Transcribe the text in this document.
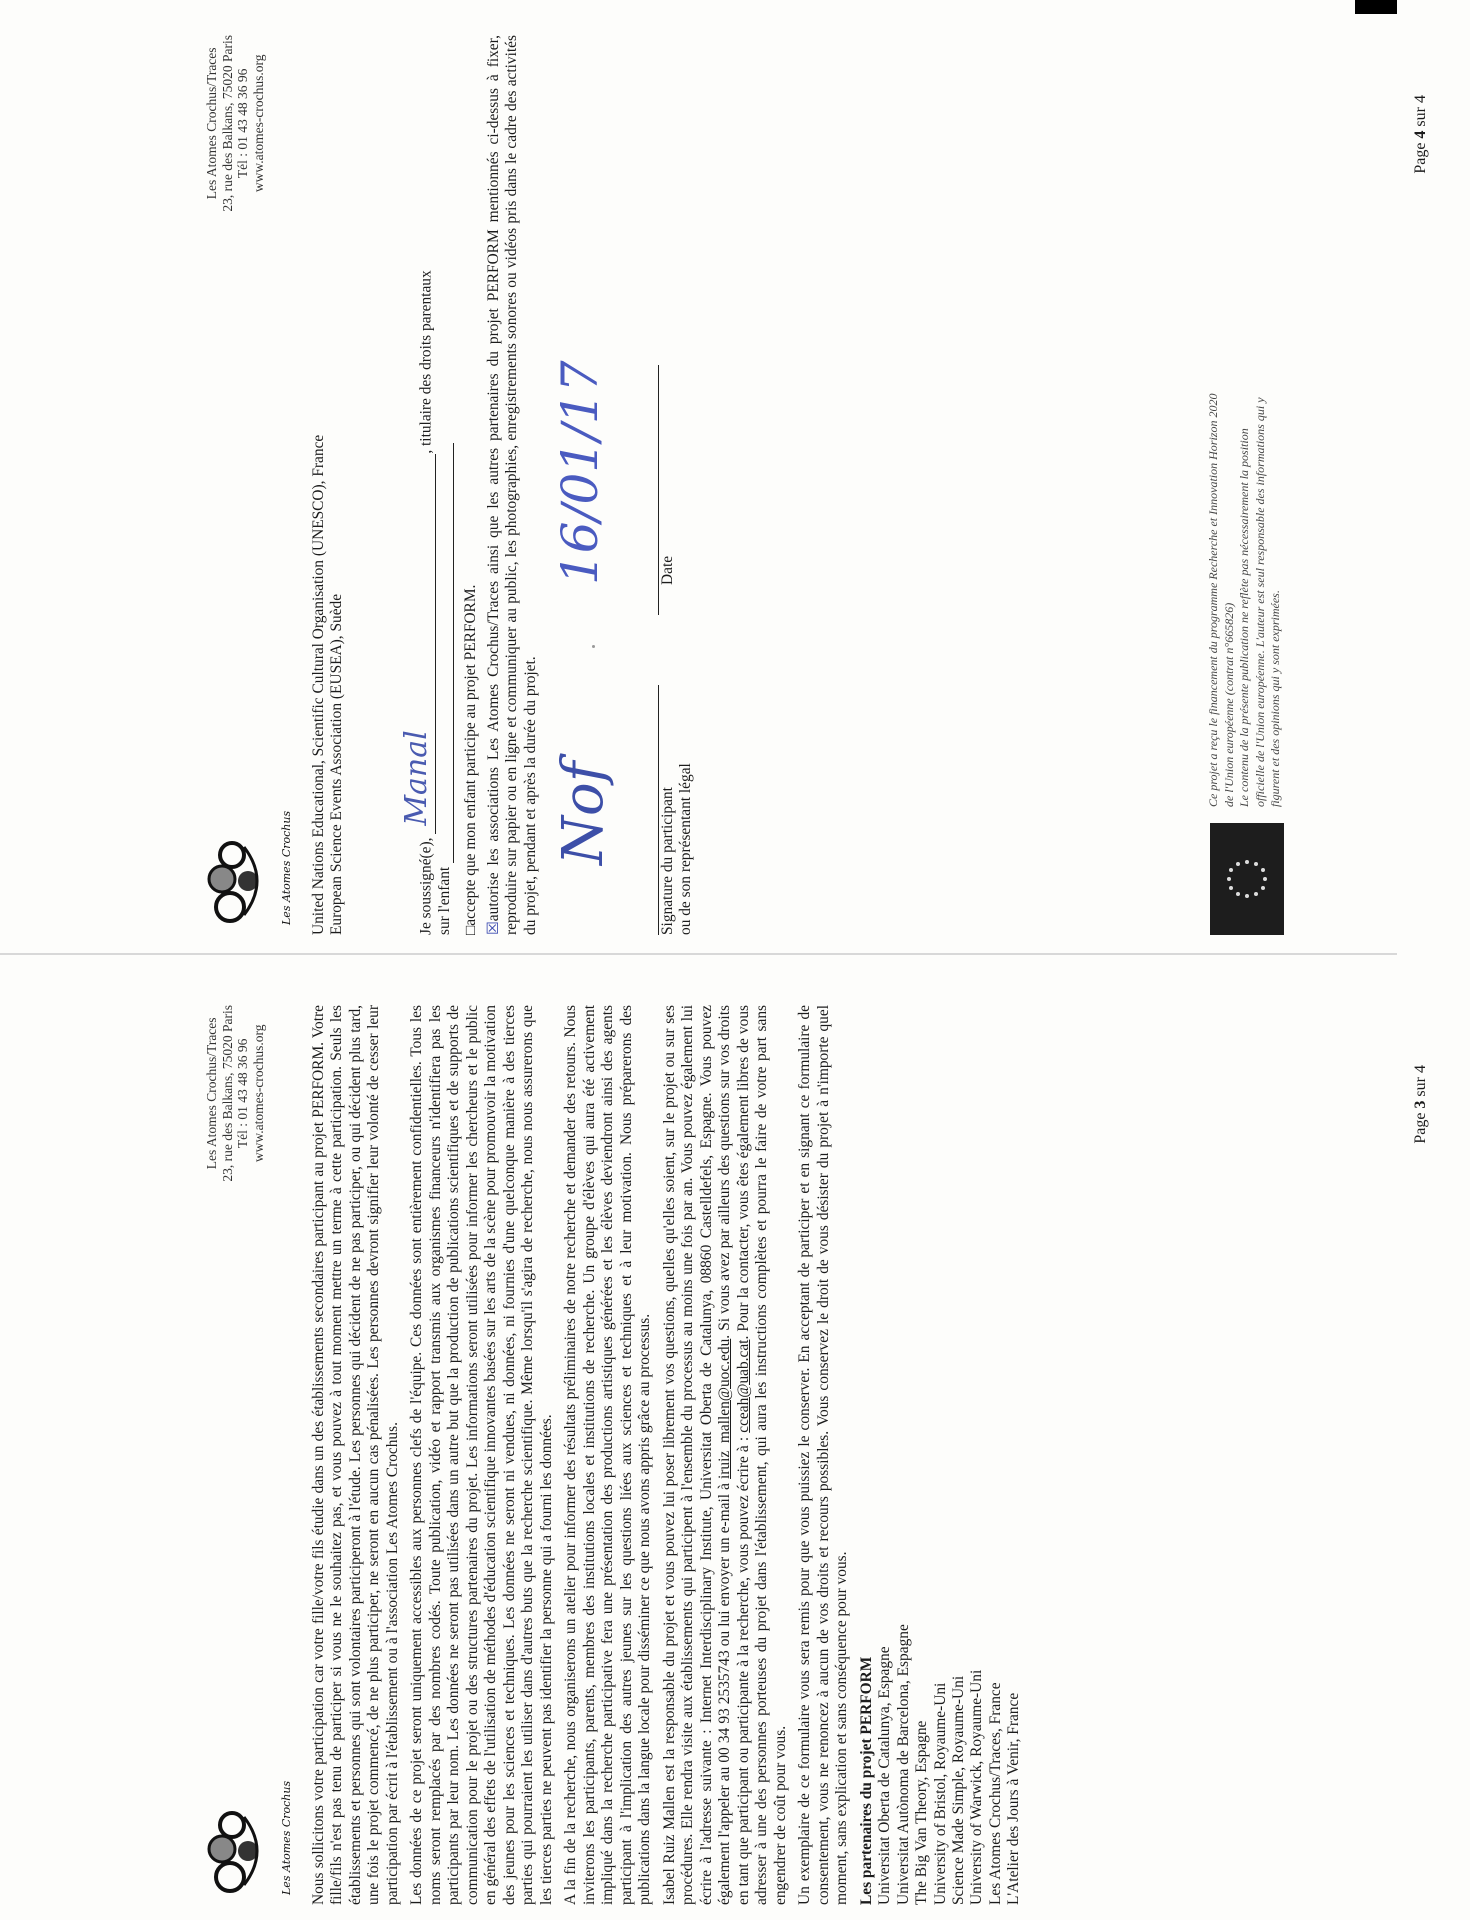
Les Atomes Crochus
Les Atomes Crochus/Traces 23, rue des Balkans, 75020 Paris Tél : 01 43 48 36 96 www.atomes-crochus.org	Nous sollicitons votre participation car votre fille/votre fils étudie dans un des établissements secondaires participant au projet PERFORM. Votre fille/fils n'est pas tenu de participer si vous ne le souhaitez pas, et vous pouvez à tout moment mettre un terme à cette participation. Seuls les établissements et personnes qui sont volontaires participeront à l'étude. Les personnes qui décident de ne pas participer, ou qui décident plus tard, une fois le projet commencé, de ne plus participer, ne seront en aucun cas pénalisées. Les personnes devront signifier leur volonté de cesser leur participation par écrit à l'établissement ou à l'association Les Atomes Crochus. Les données de ce projet seront uniquement accessibles aux personnes clefs de l'équipe. Ces données sont entièrement confidentielles. Tous les noms seront remplacés par des nombres codés. Toute publication, vidéo et rapport transmis aux organismes financeurs n'identifiera pas les participants par leur nom. Les données ne seront pas utilisées dans un autre but que la production de publications scientifiques et de supports de communication pour le projet ou des structures partenaires du projet. Les informations seront utilisées pour informer les chercheurs et le public en général des effets de l'utilisation de méthodes d'éducation scientifique innovantes basées sur les arts de la scène pour promouvoir la motivation des jeunes pour les sciences et techniques. Les données ne seront ni vendues, ni données, ni fournies d'une quelconque manière à des tierces parties qui pourraient les utiliser dans d'autres buts que la recherche scientifique. Même lorsqu'il s'agira de recherche, nous nous assurerons que les tierces parties ne peuvent pas identifier la personne qui a fourni les données. A la fin de la recherche, nous organiserons un atelier pour informer des résultats préliminaires de notre recherche et demander des retours. Nous inviterons les participants, parents, membres des institutions locales et institutions de recherche. Un groupe d'élèves qui aura été activement impliqué dans la recherche participative fera une présentation des productions artistiques générées et les élèves deviendront ainsi des agents participant à l'implication des autres jeunes sur les questions liées aux sciences et techniques et à leur motivation. Nous préparerons des publications dans la langue locale pour disséminer ce que nous avons appris grâce au processus. Isabel Ruiz Mallen est la responsable du projet et vous pouvez lui poser librement vos questions, quelles qu'elles soient, sur le projet ou sur ses procédures. Elle rendra visite aux établissements qui participent à l'ensemble du processus au moins une fois par an. Vous pouvez également lui écrire à l'adresse suivante : Internet Interdisciplinary Institute, Universitat Oberta de Catalunya, 08860 Castelldefels, Espagne. Vous pouvez également l'appeler au 00 34 93 2535743 ou lui envoyer un e-mail à iruiz_mallen@uoc.edu. Si vous avez par ailleurs des questions sur vos droits en tant que participant ou participante à la recherche, vous pouvez écrire à : cceah@uab.cat. Pour la contacter, vous êtes également libres de vous adresser à une des personnes porteuses du projet dans l'établissement, qui aura les instructions complètes et pourra le faire de votre part sans engendrer de coût pour vous. Un exemplaire de ce formulaire vous sera remis pour que vous puissiez le conserver. En acceptant de participer et en signant ce formulaire de consentement, vous ne renoncez à aucun de vos droits et recours possibles. Vous conservez le droit de vous désister du projet à n'importe quel moment, sans explication et sans conséquence pour vous. Les partenaires du projet PERFORM Universitat Oberta de Catalunya, Espagne Universitat Autònoma de Barcelona, Espagne The Big Van Theory, Espagne University of Bristol, Royaume-Uni Science Made Simple, Royaume-Uni University of Warwick, Royaume-Uni Les Atomes Crochus/Traces, France L'Atelier des Jours à Venir, France
Page 3 sur 4
Les Atomes Crochus
Les Atomes Crochus/Traces 23, rue des Balkans, 75020 Paris Tél : 01 43 48 36 96 www.atomes-crochus.org
United Nations Educational, Scientific Cultural Organisation (UNESCO), France European Science Events Association (EUSEA), Suède	Je soussigné(e),
Manal
, titulaire des droits parentaux
sur l'enfant □accepte que mon enfant participe au projet PERFORM.
☒autorise les associations Les Atomes Crochus/Traces ainsi que les autres partenaires du projet PERFORM mentionnés ci-dessus à fixer, reproduire sur papier ou en ligne et communiquer au public, les photographies, enregistrements sonores ou vidéos pris dans le cadre des activités du projet, pendant et après la durée du projet. Nof	Signature du participant ou de son représentant légal
16/01/17	Date	Ce projet a reçu le financement du programme Recherche et Innovation Horizon 2020 de l'Union européenne (contrat n°665826) Le contenu de la présente publication ne reflète pas nécessairement la position officielle de l'Union européenne. L'auteur est seul responsable des informations qui y figurent et des opinions qui y sont exprimées.
Page 4 sur 4
